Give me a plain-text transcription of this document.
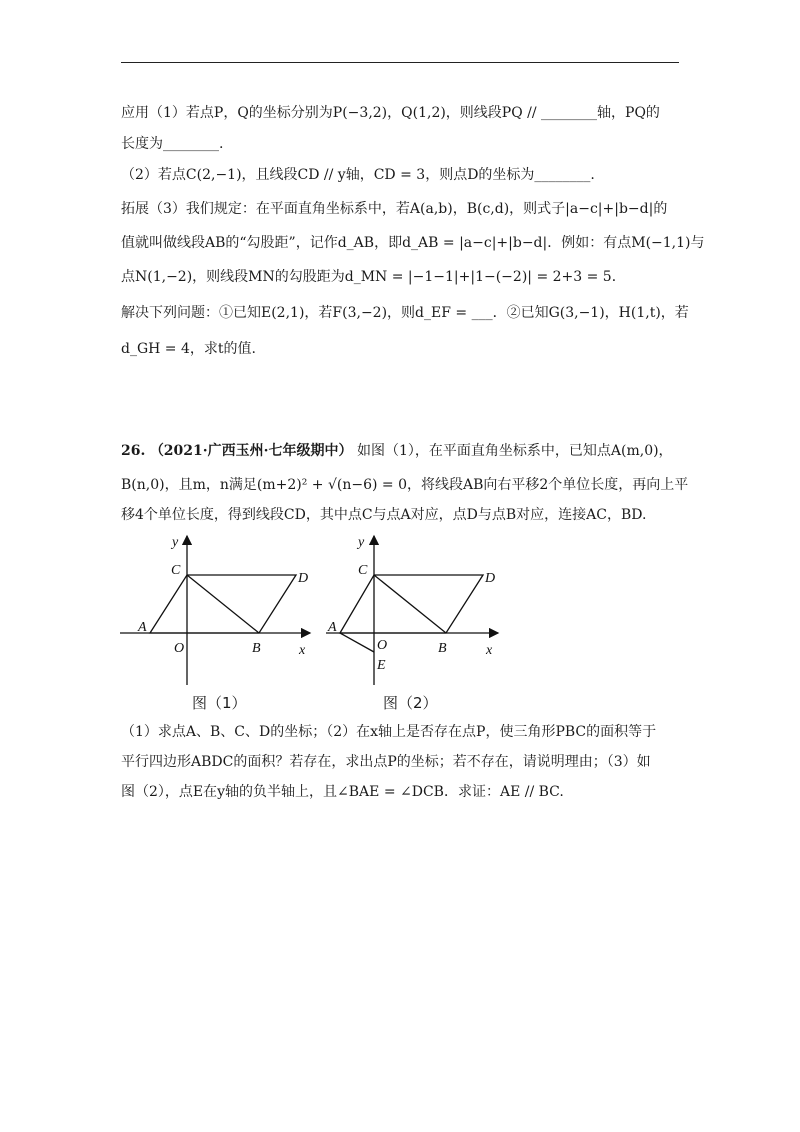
应用（1）若点P，Q的坐标分别为P(−3,2)，Q(1,2)，则线段PQ // ________轴，PQ的
长度为________.
（2）若点C(2,−1)，且线段CD // y轴，CD = 3，则点D的坐标为________.
拓展（3）我们规定：在平面直角坐标系中，若A(a,b)，B(c,d)，则式子|a−c|+|b−d|的
值就叫做线段AB的“勾股距”，记作d_AB，即d_AB = |a−c|+|b−d|．例如：有点M(−1,1)与
点N(1,−2)，则线段MN的勾股距为d_MN = |−1−1|+|1−(−2)| = 2+3 = 5．
解决下列问题：①已知E(2,1)，若F(3,−2)，则d_EF = ___．②已知G(3,−1)，H(1,t)，若
d_GH = 4，求t的值.
26. （2021·广西玉州·七年级期中） 如图（1），在平面直角坐标系中，已知点A(m,0)，
B(n,0)，且m，n满足(m+2)² + √(n−6) = 0，将线段AB向右平移2个单位长度，再向上平
移4个单位长度，得到线段CD，其中点C与点A对应，点D与点B对应，连接AC，BD.
y
x
C
D
A
O	B
图（1）
y
x
C
D
A
O	B
E
图（2）
（1）求点A、B、C、D的坐标；（2）在x轴上是否存在点P，使三角形PBC的面积等于
平行四边形ABDC的面积？若存在，求出点P的坐标；若不存在，请说明理由；（3）如
图（2），点E在y轴的负半轴上，且∠BAE = ∠DCB．求证：AE // BC.
